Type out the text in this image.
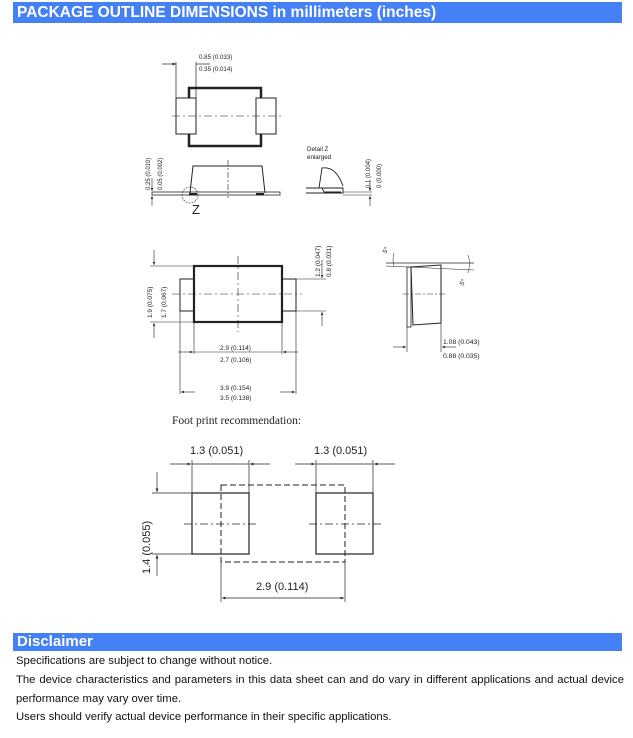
PACKAGE OUTLINE DIMENSIONS in millimeters (inches)
0.85 (0.033)
0.35 (0.014)
0.25 (0.010) 0.05 (0.002)
Z
Detail Z
enlarged
0.1 (0.004) 0 (0.000)
1.9 (0.075) 1.7 (0.067)
1.2 (0.047) 0.8 (0.031)
2.9 (0.114)
2.7 (0.106)
3.9 (0.154)
3.5 (0.138)
5°
5°
1.08 (0.043)
0.88 (0.035)
Foot print recommendation:
1.3 (0.051)	1.3 (0.051)
1.4 (0.055)
2.9 (0.114)
Disclaimer
Specifications are subject to change without notice.
The device characteristics and parameters in this data sheet can and do vary in different applications and actual device
performance may vary over time.
Users should verify actual device performance in their specific applications.
